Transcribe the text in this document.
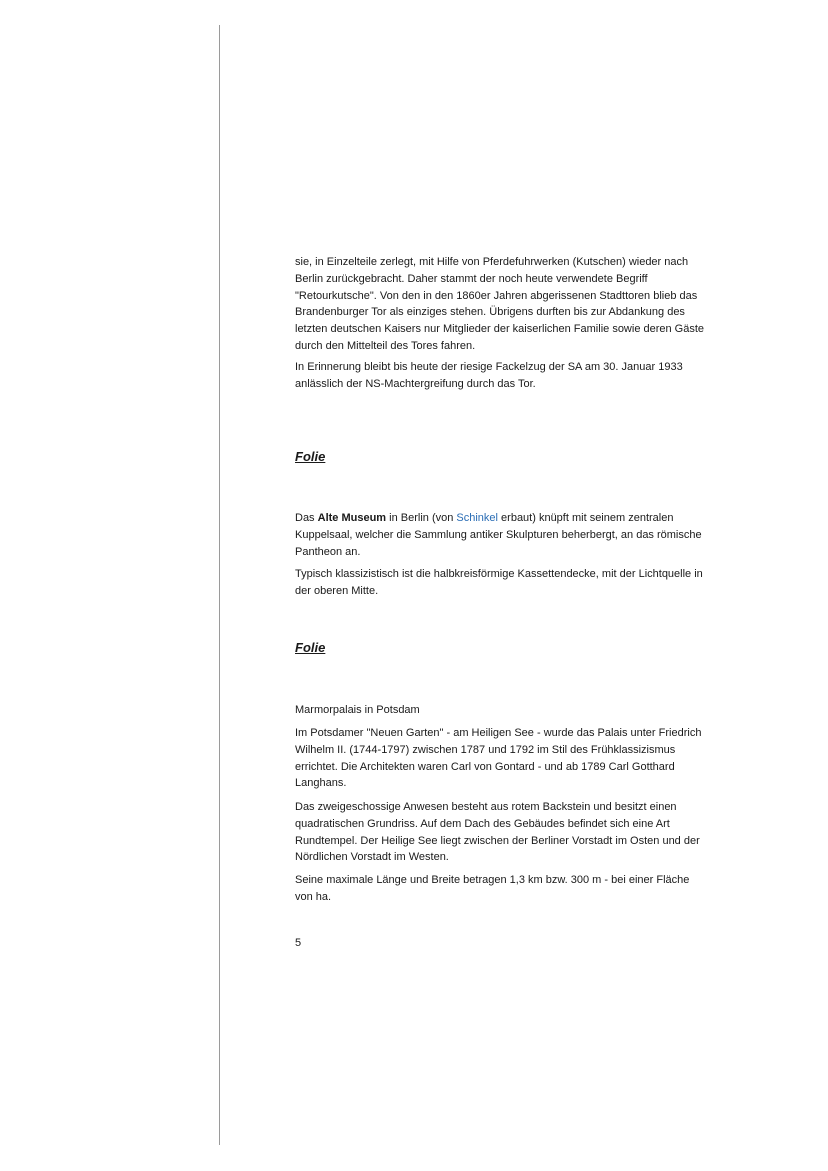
sie, in Einzelteile zerlegt, mit Hilfe von Pferdefuhrwerken (Kutschen) wieder nach
Berlin zurückgebracht. Daher stammt der noch heute verwendete Begriff
"Retourkutsche". Von den in den 1860er Jahren abgerissenen Stadttoren blieb das
Brandenburger Tor als einziges stehen. Übrigens durften bis zur Abdankung des
letzten deutschen Kaisers nur Mitglieder der kaiserlichen Familie sowie deren Gäste
durch den Mittelteil des Tores fahren.
In Erinnerung bleibt bis heute der riesige Fackelzug der SA am 30. Januar 1933
anlässlich der NS-Machtergreifung durch das Tor.
Folie
Das Alte Museum in Berlin (von Schinkel erbaut) knüpft mit seinem zentralen
Kuppelsaal, welcher die Sammlung antiker Skulpturen beherbergt, an das römische
Pantheon an.
Typisch klassizistisch ist die halbkreisförmige Kassettendecke, mit der Lichtquelle in
der oberen Mitte.
Folie
Marmorpalais in Potsdam
Im Potsdamer "Neuen Garten" - am Heiligen See - wurde das Palais unter Friedrich
Wilhelm II. (1744-1797) zwischen 1787 und 1792 im Stil des Frühklassizismus
errichtet. Die Architekten waren Carl von Gontard - und ab 1789 Carl Gotthard
Langhans.
Das zweigeschossige Anwesen besteht aus rotem Backstein und besitzt einen
quadratischen Grundriss. Auf dem Dach des Gebäudes befindet sich eine Art
Rundtempel. Der Heilige See liegt zwischen der Berliner Vorstadt im Osten und der
Nördlichen Vorstadt im Westen.
Seine maximale Länge und Breite betragen 1,3 km bzw. 300 m - bei einer Fläche
von ha.
5
